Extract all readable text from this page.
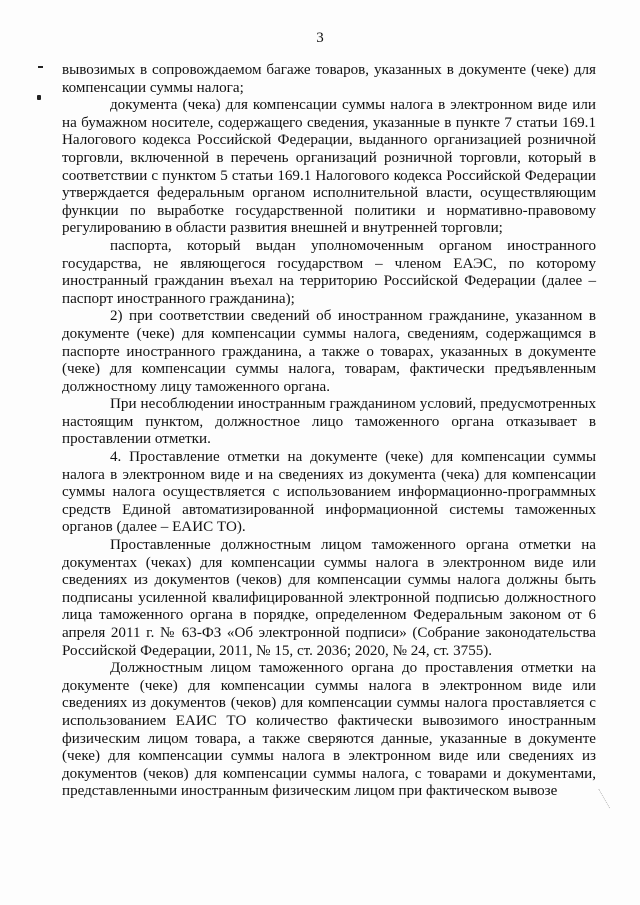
3

вывозимых в сопровождаемом багаже товаров, указанных в документе (чеке) для компенсации суммы налога;

документа (чека) для компенсации суммы налога в электронном виде или на бумажном носителе, содержащего сведения, указанные в пункте 7 статьи 169.1 Налогового кодекса Российской Федерации, выданного организацией розничной торговли, включенной в перечень организаций розничной торговли, который в соответствии с пунктом 5 статьи 169.1 Налогового кодекса Российской Федерации утверждается федеральным органом исполнительной власти, осуществляющим функции по выработке государственной политики и нормативно-правовому регулированию в области развития внешней и внутренней торговли;

паспорта, который выдан уполномоченным органом иностранного государства, не являющегося государством – членом ЕАЭС, по которому иностранный гражданин въехал на территорию Российской Федерации (далее – паспорт иностранного гражданина);

2) при соответствии сведений об иностранном гражданине, указанном в документе (чеке) для компенсации суммы налога, сведениям, содержащимся в паспорте иностранного гражданина, а также о товарах, указанных в документе (чеке) для компенсации суммы налога, товарам, фактически предъявленным должностному лицу таможенного органа.

При несоблюдении иностранным гражданином условий, предусмотренных настоящим пунктом, должностное лицо таможенного органа отказывает в проставлении отметки.

4. Проставление отметки на документе (чеке) для компенсации суммы налога в электронном виде и на сведениях из документа (чека) для компенсации суммы налога осуществляется с использованием информационно-программных средств Единой автоматизированной информационной системы таможенных органов (далее – ЕАИС ТО).

Проставленные должностным лицом таможенного органа отметки на документах (чеках) для компенсации суммы налога в электронном виде или сведениях из документов (чеков) для компенсации суммы налога должны быть подписаны усиленной квалифицированной электронной подписью должностного лица таможенного органа в порядке, определенном Федеральным законом от 6 апреля 2011 г. № 63-ФЗ «Об электронной подписи» (Собрание законодательства Российской Федерации, 2011, № 15, ст. 2036; 2020, № 24, ст. 3755).

Должностным лицом таможенного органа до проставления отметки на документе (чеке) для компенсации суммы налога в электронном виде или сведениях из документов (чеков) для компенсации суммы налога проставляется с использованием ЕАИС ТО количество фактически вывозимого иностранным физическим лицом товара, а также сверяются данные, указанные в документе (чеке) для компенсации суммы налога в электронном виде или сведениях из документов (чеков) для компенсации суммы налога, с товарами и документами, представленными иностранным физическим лицом при фактическом вывозе
